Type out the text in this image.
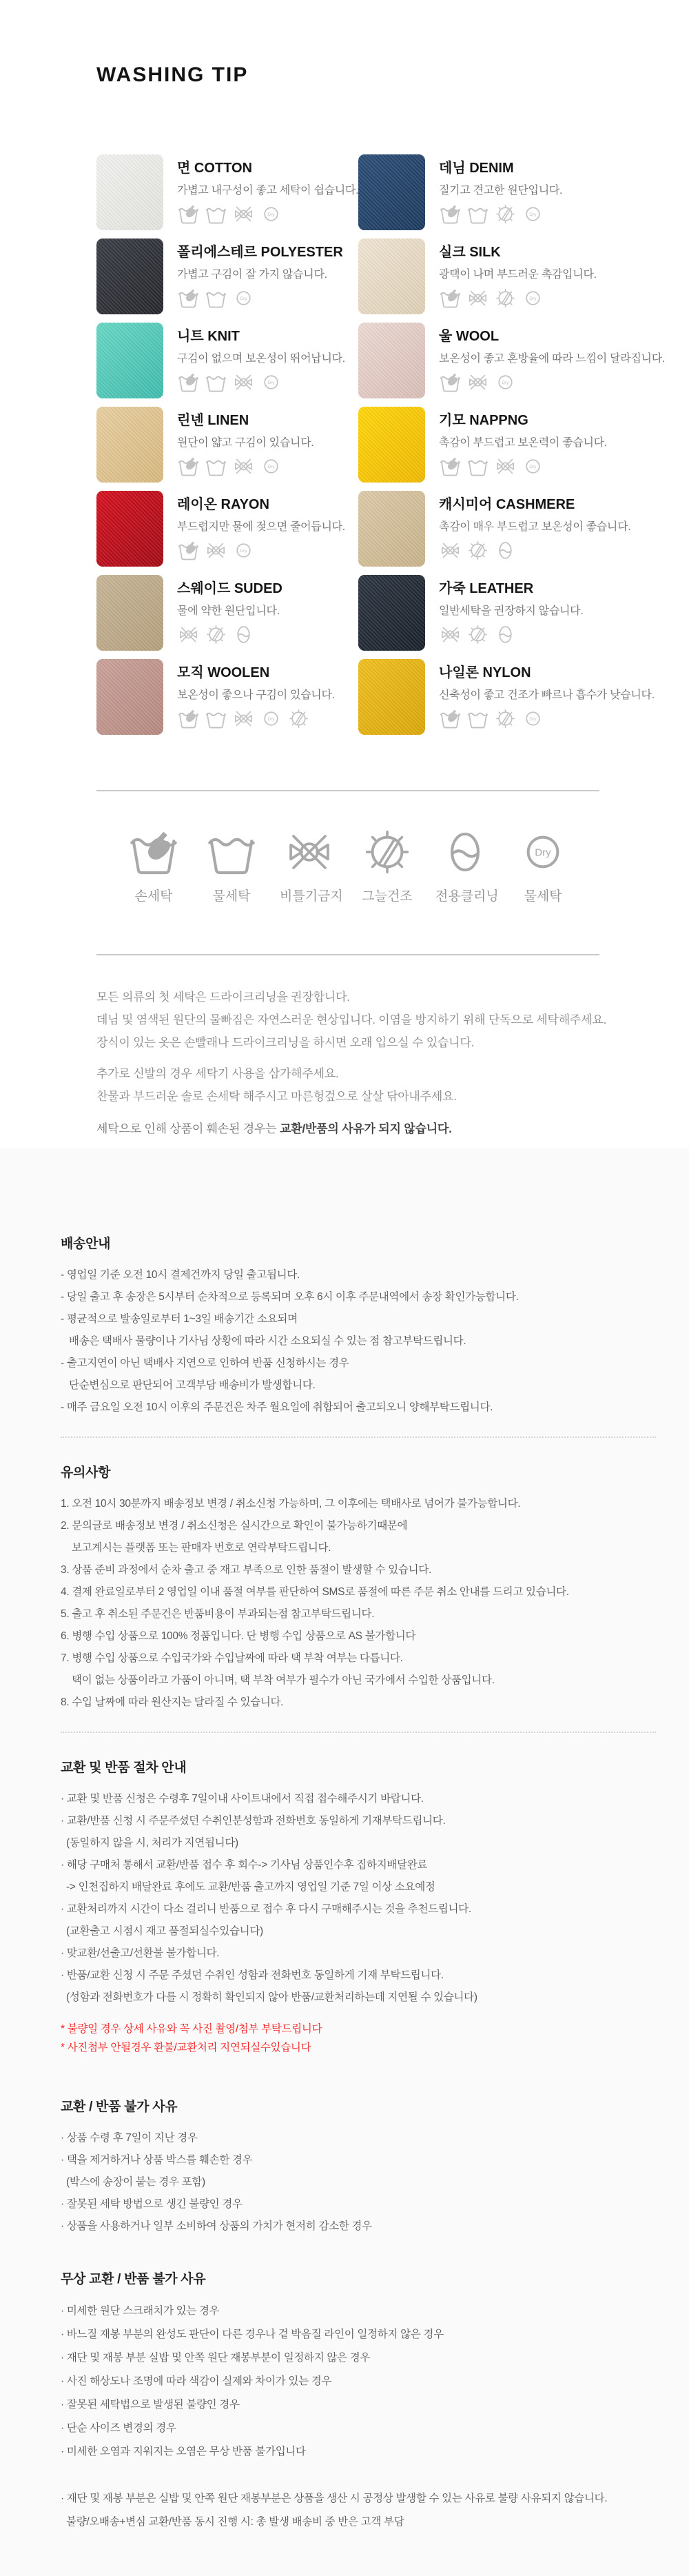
WASHING TIP
면 COTTON
가볍고 내구성이 좋고 세탁이 쉽습니다.
데님 DENIM
질기고 견고한 원단입니다.
폴리에스테르 POLYESTER
가볍고 구김이 잘 가지 않습니다.
실크 SILK
광택이 나며 부드러운 촉감입니다.
니트 KNIT
구김이 없으며 보온성이 뛰어납니다.
울 WOOL
보온성이 좋고 혼방율에 따라 느낌이 달라집니다.
린넨 LINEN
원단이 얇고 구김이 있습니다.
기모 NAPPNG
촉감이 부드럽고 보온력이 좋습니다.
레이온 RAYON
부드럽지만 물에 젖으면 줄어듭니다.
캐시미어 CASHMERE
촉감이 매우 부드럽고 보온성이 좋습니다.
스웨이드 SUDED
물에 약한 원단입니다.
가죽 LEATHER
일반세탁을 권장하지 않습니다.
모직 WOOLEN
보온성이 좋으나 구김이 있습니다.
나일론 NYLON
신축성이 좋고 건조가 빠르나 흡수가 낮습니다.
손세탁	물세탁	비틀기금지	그늘건조	전용클리닝	물세탁
모든 의류의 첫 세탁은 드라이크리닝을 권장합니다.
데님 및 염색된 원단의 물빠짐은 자연스러운 현상입니다. 이염을 방지하기 위해 단독으로 세탁해주세요.
장식이 있는 옷은 손빨래나 드라이크리닝을 하시면 오래 입으실 수 있습니다.
추가로 신발의 경우 세탁기 사용을 삼가해주세요.
찬물과 부드러운 솔로 손세탁 해주시고 마른헝겊으로 살살 닦아내주세요.

세탁으로 인해 상품이 훼손된 경우는 교환/반품의 사유가 되지 않습니다.

배송안내
- 영업일 기준 오전 10시 결제건까지 당일 출고됩니다.
- 당일 출고 후 송장은 5시부터 순차적으로 등록되며 오후 6시 이후 주문내역에서 송장 확인가능합니다.
- 평균적으로 발송일로부터 1~3일 배송기간 소요되며
배송은 택배사 물량이나 기사님 상황에 따라 시간 소요되실 수 있는 점 참고부탁드립니다.
- 출고지연이 아닌 택배사 지연으로 인하여 반품 신청하시는 경우
단순변심으로 판단되어 고객부담 배송비가 발생합니다.
- 매주 금요일 오전 10시 이후의 주문건은 차주 월요일에 취합되어 출고되오니 양해부탁드립니다.
유의사항
1. 오전 10시 30분까지 배송정보 변경 / 취소신청 가능하며, 그 이후에는 택배사로 넘어가 불가능합니다.
2. 문의글로 배송정보 변경 / 취소신청은 실시간으로 확인이 불가능하기때문에
보고계시는 플랫폼 또는 판매자 번호로 연락부탁드립니다.
3. 상품 준비 과정에서 순차 출고 중 재고 부족으로 인한 품절이 발생할 수 있습니다.
4. 결제 완료일로부터 2 영업일 이내 품절 여부를 판단하여 SMS로 품절에 따른 주문 취소 안내를 드리고 있습니다.
5. 출고 후 취소된 주문건은 반품비용이 부과되는점 참고부탁드립니다.
6. 병행 수입 상품으로 100% 정품입니다. 단 병행 수입 상품으로 AS 불가합니다
7. 병행 수입 상품으로 수입국가와 수입날짜에 따라 택 부착 여부는 다릅니다.
택이 없는 상품이라고 가품이 아니며, 택 부착 여부가 필수가 아닌 국가에서 수입한 상품입니다.
8. 수입 날짜에 따라 원산지는 달라질 수 있습니다.
교환 및 반품 절차 안내
· 교환 및 반품 신청은 수령후 7일이내 사이트내에서 직접 접수해주시기 바랍니다.
· 교환/반품 신청 시 주문주셨던 수취인분성함과 전화번호 동일하게 기재부탁드립니다.
(동일하지 않을 시, 처리가 지연됩니다)
· 해당 구매처 통해서 교환/반품 접수 후 회수-> 기사님 상품인수후 집하지배달완료
-> 인천집하지 배달완료 후에도 교환/반품 출고까지 영업일 기준 7일 이상 소요예정
· 교환처리까지 시간이 다소 걸리니 반품으로 접수 후 다시 구매해주시는 것을 추천드립니다.
(교환출고 시점시 재고 품절되실수있습니다)
· 맞교환/선출고/선환불 불가합니다.
· 반품/교환 신청 시 주문 주셨던 수취인 성함과 전화번호 동일하게 기재 부탁드립니다.
(성함과 전화번호가 다를 시 정확히 확인되지 않아 반품/교환처리하는데 지연될 수 있습니다)
* 불량일 경우 상세 사유와 꼭 사진 촬영/첨부 부탁드립니다
* 사진첨부 안될경우 환불/교환처리 지연되실수있습니다
교환 / 반품 불가 사유
· 상품 수령 후 7일이 지난 경우
· 택을 제거하거나 상품 박스를 훼손한 경우
(박스에 송장이 붙는 경우 포함)
· 잘못된 세탁 방법으로 생긴 불량인 경우
· 상품을 사용하거나 일부 소비하여 상품의 가치가 현저히 감소한 경우
무상 교환 / 반품 불가 사유
· 미세한 원단 스크래치가 있는 경우
· 바느질 재봉 부분의 완성도 판단이 다른 경우나 겉 박음질 라인이 일정하지 않은 경우
· 재단 및 재봉 부분 실밥 및 안쪽 원단 재봉부분이 일정하지 않은 경우
· 사진 해상도나 조명에 따라 색감이 실제와 차이가 있는 경우
· 잘못된 세탁법으로 발생된 불량인 경우
· 단순 사이즈 변경의 경우
· 미세한 오염과 지워지는 오염은 무상 반품 불가입니다
· 재단 및 재봉 부분은 실밥 및 안쪽 원단 재봉부분은 상품을 생산 시 공정상 발생할 수 있는 사유로 불량 사유되지 않습니다.
불량/오배송+변심 교환/반품 동시 진행 시: 총 발생 배송비 중 반은 고객 부담
